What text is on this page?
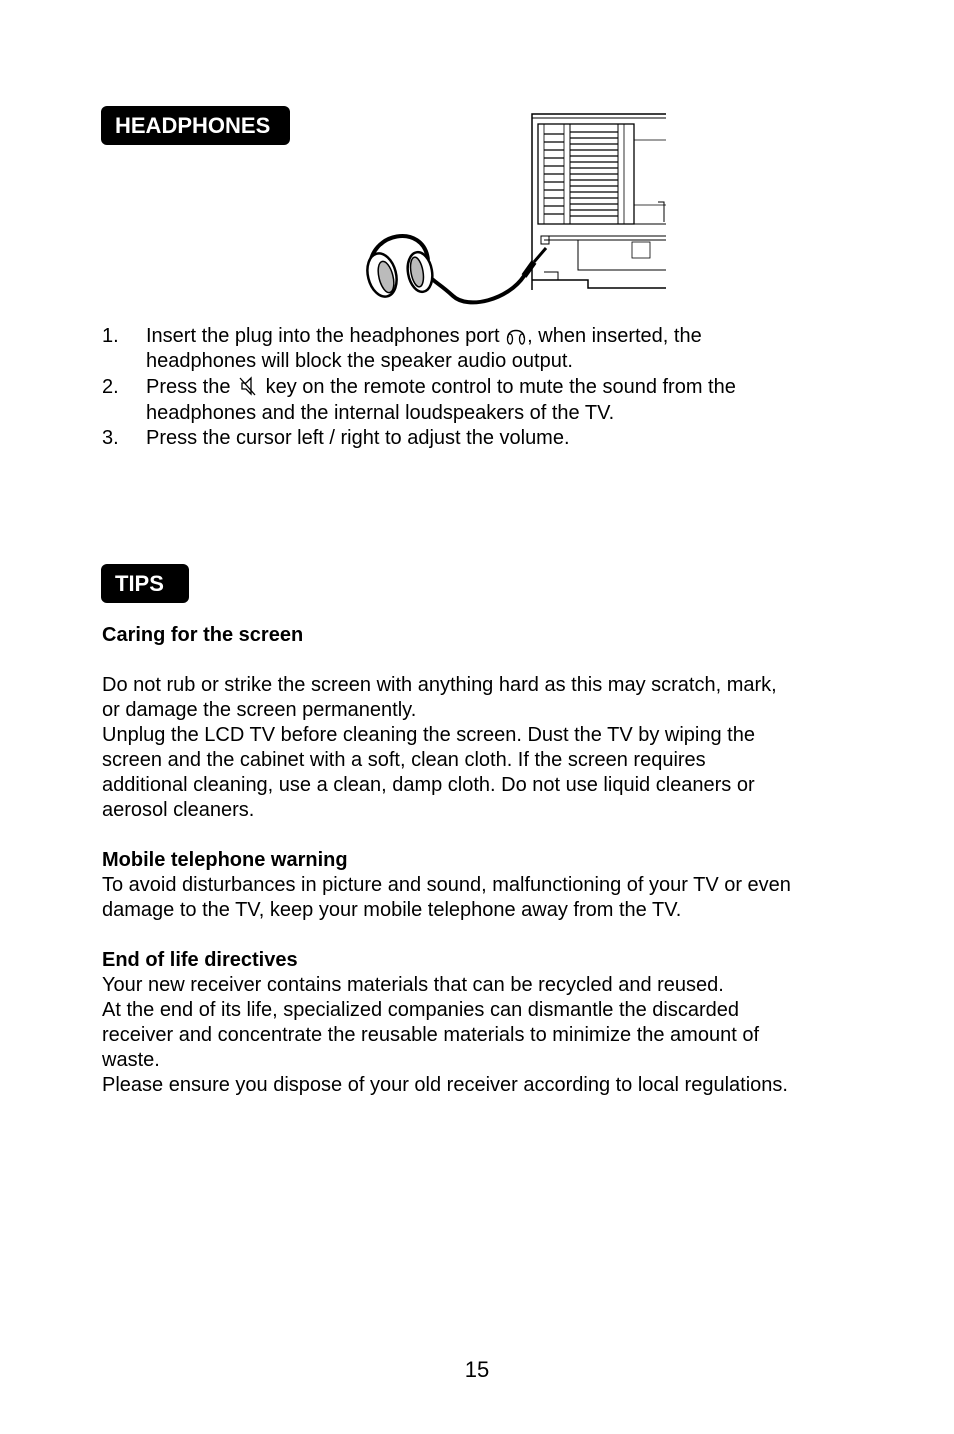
HEADPHONES
1. Insert the plug into the headphones port , when inserted, the
headphones will block the speaker audio output.
2. Press the  key on the remote control to mute the sound from the
headphones and the internal loudspeakers of the TV.
3. Press the cursor left / right to adjust the volume.
TIPS

Caring for the screen

Do not rub or strike the screen with anything hard as this may scratch, mark,

or damage the screen permanently.

Unplug the LCD TV before cleaning the screen. Dust the TV by wiping the

screen and the cabinet with a soft, clean cloth. If the screen requires

additional cleaning, use a clean, damp cloth. Do not use liquid cleaners or

aerosol cleaners.

Mobile telephone warning

To avoid disturbances in picture and sound, malfunctioning of your TV or even

damage to the TV, keep your mobile telephone away from the TV.

End of life directives

Your new receiver contains materials that can be recycled and reused.

At the end of its life, specialized companies can dismantle the discarded

receiver and concentrate the reusable materials to minimize the amount of

waste.

Please ensure you dispose of your old receiver according to local regulations.

15
